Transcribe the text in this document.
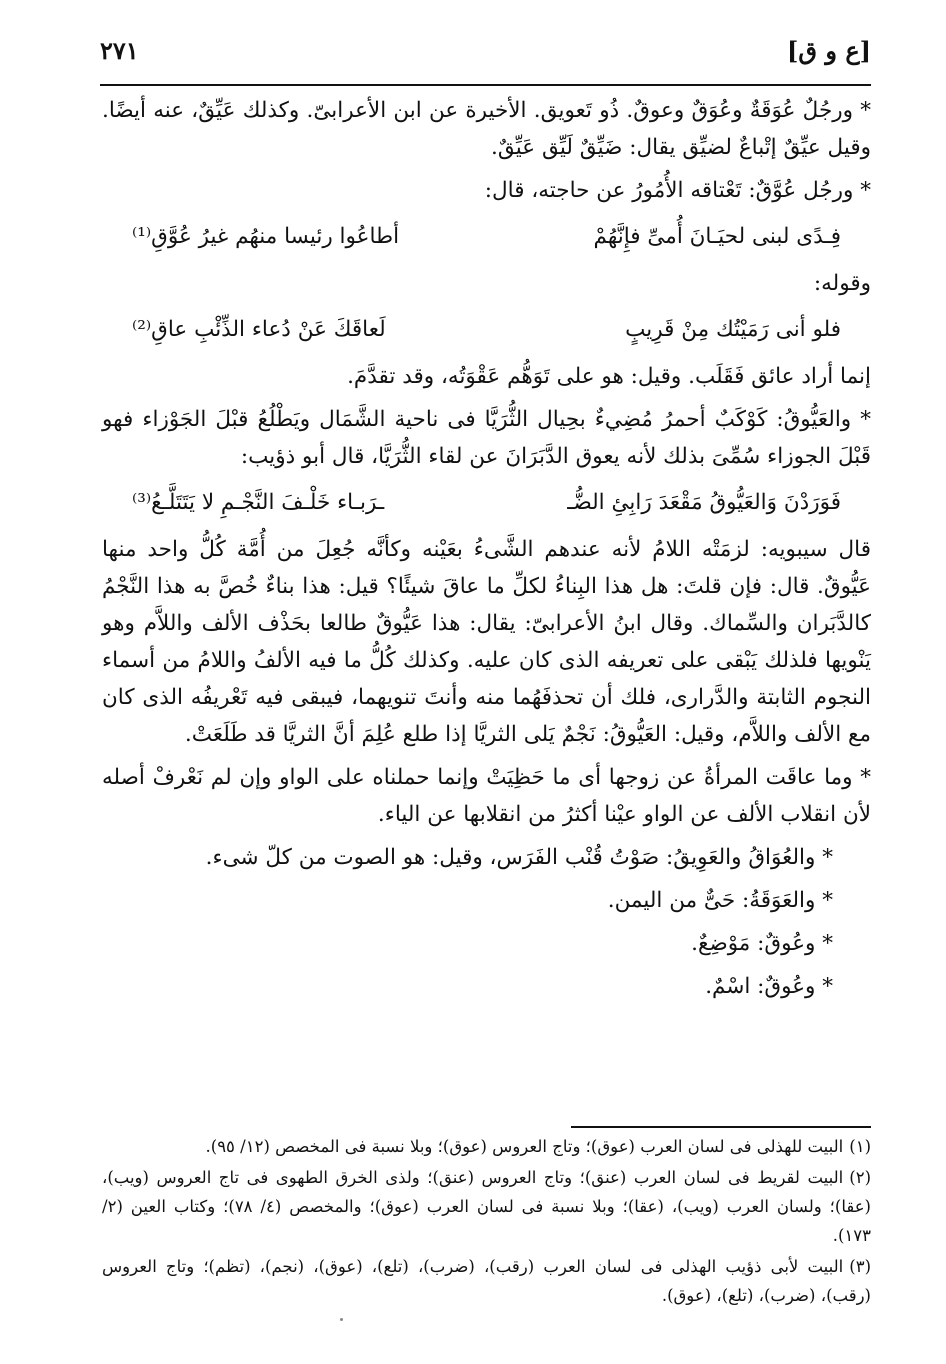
[ع و ق]
٢٧١

* ورجُلٌ عُوَقَةٌ وعُوَقٌ وعوقٌ. ذُو تَعويق. الأخيرة عن ابن الأعرابىّ. وكذلك عَيِّقٌ، عنه أيضًا. وقيل عيِّقٌ إتْباعٌ لضيِّق يقال: ضَيِّقٌ لَيِّق عَيِّقٌ.

* ورجُل عُوَّقٌ: تَعْتاقه الأُمُورُ عن حاجته، قال:

فِـدًى لبنى لحيَـانَ أُمىِّ فإِنَّهُمْ
أطاعُوا رئيسا منهُم غيرُ عُوَّقِ⁽¹⁾

وقوله:

فلو أنى رَمَيْتُك مِنْ قَرِيبٍ
لَعاقَكَ عَنْ دُعاء الذِّئْبِ عاقِ⁽²⁾

إنما أراد عائق فَقَلَب. وقيل: هو على تَوَهُّم عَقْوَتُه، وقد تقدَّمَ.

* والعَيُّوقُ: كَوْكَبٌ أحمرُ مُضِيءٌ بحِيال الثُّرَيَّا فى ناحية الشَّمَال ويَطْلُعُ قبْلَ الجَوْزاء فهو قَبْلَ الجوزاء سُمِّىَ بذلك لأنه يعوق الدَّبَرَانَ عن لقاء الثُّرَيَّا، قال أبو ذؤيب:

فَوَرَدْنَ وَالعَيُّوقُ مَقْعَدَ رَابِئِ الضُّـ
ـرَبـاء خَلْـفَ النَّجْـمِ لا يَتَتَلَّـعُ⁽³⁾

قال سيبويه: لزمَتْه اللامُ لأنه عندهم الشَّىءُ بعَيْنه وكأنَّه جُعِلَ من أُمَّة كُلُّ واحد منها عَيُّوقٌ. قال: فإن قلتَ: هل هذا البِناءُ لكلِّ ما عاقَ شيئًا؟ قيل: هذا بناءٌ خُصَّ به هذا النَّجْمُ كالدَّبَران والسِّماك. وقال ابنُ الأعرابىّ: يقال: هذا عَيُّوقٌ طالعا بحَذْف الألف واللاَّم وهو يَنْويها فلذلك يَبْقى على تعريفه الذى كان عليه. وكذلك كُلُّ ما فيه الألفُ واللامُ من أسماء النجوم الثابتة والدَّرارى، فلك أن تحذفَهُما منه وأنتَ تنويهما، فيبقى فيه تَعْريفُه الذى كان مع الألف واللاَّم، وقيل: العَيُّوقُ: نَجْمٌ يَلى الثريَّا إذا طلع عُلِمَ أنَّ الثريَّا قد طَلَعَتْ.

* وما عاقَت المرأةُ عن زوجها أى ما حَظِيَتْ وإنما حملناه على الواو وإن لم نَعْرفْ أصله لأن انقلاب الألف عن الواو عيْنا أكثرُ من انقلابها عن الياء.

* والعُوَاقُ والعَوِيقُ: صَوْتُ قُنْب الفَرَس، وقيل: هو الصوت من كلّ شىء.

* والعَوَقَةُ: حَىٌّ من اليمن.

* وعُوقٌ: مَوْضِعٌ.

* وعُوقٌ: اسْمٌ.

(١)البيت للهذلى فى لسان العرب (عوق)؛ وتاج العروس (عوق)؛ وبلا نسبة فى المخصص (١٢/ ٩٥).

(٢)البيت لقريط فى لسان العرب (عنق)؛ وتاج العروس (عنق)؛ ولذى الخرق الطهوى فى تاج العروس (ويب)، (عقا)؛ ولسان العرب (ويب)، (عقا)؛ وبلا نسبة فى لسان العرب (عوق)؛ والمخصص (٤/ ٧٨)؛ وكتاب العين (٢/ ١٧٣).

(٣)البيت لأبى ذؤيب الهذلى فى لسان العرب (رقب)، (ضرب)، (تلع)، (عوق)، (نجم)، (تظم)؛ وتاج العروس (رقب)، (ضرب)، (تلع)، (عوق).
